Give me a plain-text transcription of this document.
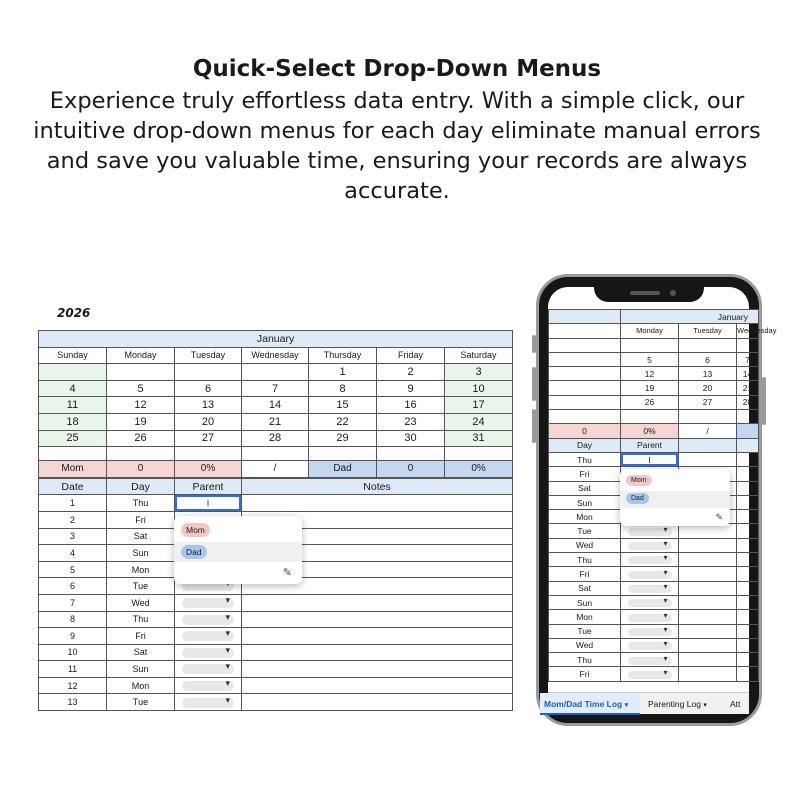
Quick-Select Drop-Down Menus
Experience truly effortless data entry. With a simple click, our intuitive drop-down menus for each day eliminate manual errors and save you valuable time, ensuring your records are always accurate.
2026
January						
Sunday	Monday	Tuesday	Wednesday	Thursday	Friday	Saturday
				1	2	3
4	5	6	7	8	9	10
11	12	13	14	15	16	17
18	19	20	21	22	23	24
25	26	27	28	29	30	31

Mom	0	0%	/	Dad	0	0%
Date	Day	Parent	Notes
1	Thu	I	
2	Fri		
3	Sat		
4	Sun		
5	Mon		
6	Tue	▾	
7	Wed	▾	
8	Thu	▾	
9	Fri	▾	
10	Sat	▾	
11	Sun	▾	
12	Mon	▾	
13	Tue	▾	
Mom
Dad
✎
	January		
	Monday	Tuesday	Wednesday

	5	6	7
	12	13	14
	19	20	21
	26	27	28

0	0%	/	
Day	Parent		
Thu	I		
Fri			
Sat			
Sun			
Mon			
Tue	▾		
Wed	▾		
Thu	▾		
Fri	▾		
Sat	▾		
Sun	▾		
Mon	▾		
Tue	▾		
Wed	▾		
Thu	▾		
Fri	▾		
Mom
Dad
✎
Mom/Dad Time Log ▾	Parenting Log ▾	Att
